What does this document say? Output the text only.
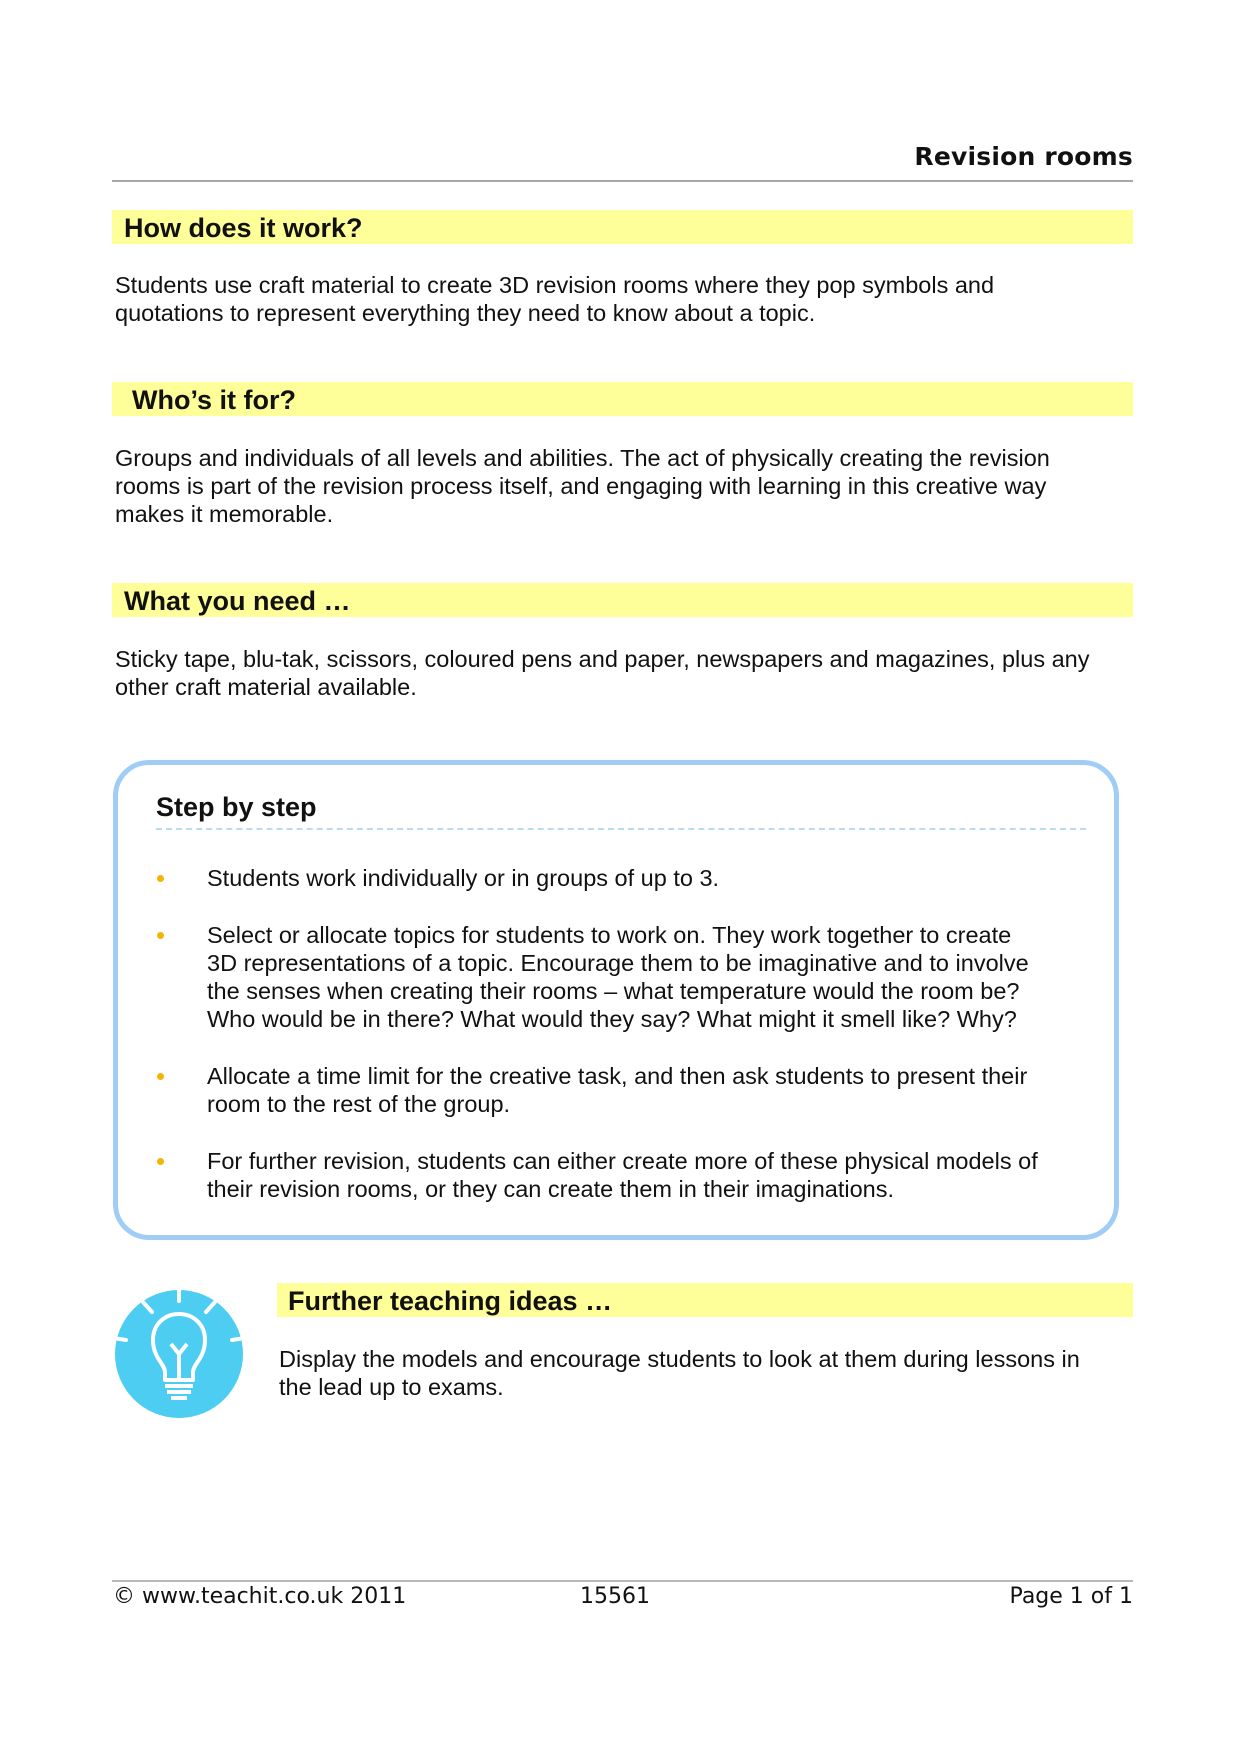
Revision rooms
How does it work?

Students use craft material to create 3D revision rooms where they pop symbols and
quotations to represent everything they need to know about a topic.

Who’s it for?

Groups and individuals of all levels and abilities. The act of physically creating the revision
rooms is part of the revision process itself, and engaging with learning in this creative way
makes it memorable.

What you need …

Sticky tape, blu-tak, scissors, coloured pens and paper, newspapers and magazines, plus any
other craft material available.

Step by step
Students work individually or in groups of up to 3.
Select or allocate topics for students to work on. They work together to create
3D representations of a topic. Encourage them to be imaginative and to involve
the senses when creating their rooms – what temperature would the room be?
Who would be in there? What would they say? What might it smell like? Why?
Allocate a time limit for the creative task, and then ask students to present their
room to the rest of the group.
For further revision, students can either create more of these physical models of
their revision rooms, or they can create them in their imaginations.
Further teaching ideas …

Display the models and encourage students to look at them during lessons in
the lead up to exams.

© www.teachit.co.uk 2011	15561	Page 1 of 1
